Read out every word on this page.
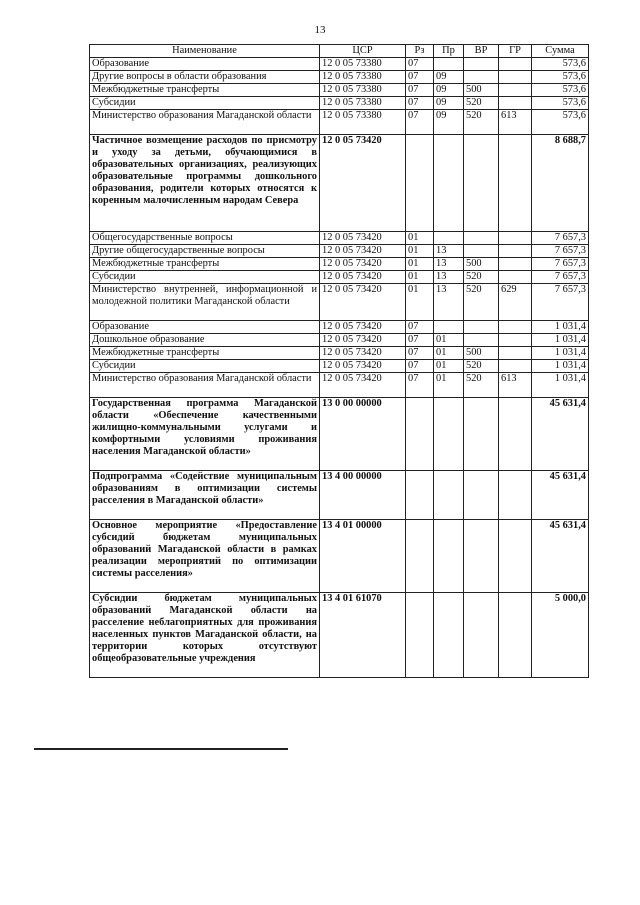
13
Наименование	ЦСР	Рз	Пр	ВР	ГР	Сумма
Образование	12 0 05 73380	07				573,6
Другие вопросы в области образования	12 0 05 73380	07	09			573,6
Межбюджетные трансферты	12 0 05 73380	07	09	500		573,6
Субсидии	12 0 05 73380	07	09	520		573,6
Министерство образования Магаданской области	12 0 05 73380	07	09	520	613	573,6
Частичное возмещение расходов по присмотру и уходу за детьми, обучающимися в образовательных организациях, реализующих образовательные программы дошкольного образования, родители которых относятся к коренным малочисленным народам Севера	12 0 05 73420					8 688,7
Общегосударственные вопросы	12 0 05 73420	01				7 657,3
Другие общегосударственные вопросы	12 0 05 73420	01	13			7 657,3
Межбюджетные трансферты	12 0 05 73420	01	13	500		7 657,3
Субсидии	12 0 05 73420	01	13	520		7 657,3
Министерство внутренней, информационной и молодежной политики Магаданской области	12 0 05 73420	01	13	520	629	7 657,3
Образование	12 0 05 73420	07				1 031,4
Дошкольное образование	12 0 05 73420	07	01			1 031,4
Межбюджетные трансферты	12 0 05 73420	07	01	500		1 031,4
Субсидии	12 0 05 73420	07	01	520		1 031,4
Министерство образования Магаданской области	12 0 05 73420	07	01	520	613	1 031,4
Государственная программа Магаданской области «Обеспечение качественными жилищно-коммунальными услугами и комфортными условиями проживания населения Магаданской области»	13 0 00 00000					45 631,4
Подпрограмма «Содействие муниципальным образованиям в оптимизации системы расселения в Магаданской области»	13 4 00 00000					45 631,4
Основное мероприятие «Предоставление субсидий бюджетам муниципальных образований Магаданской области в рамках реализации мероприятий по оптимизации системы расселения»	13 4 01 00000					45 631,4
Субсидии бюджетам муниципальных образований Магаданской области на расселение неблагоприятных для проживания населенных пунктов Магаданской области, на территории которых отсутствуют общеобразовательные учреждения	13 4 01 61070					5 000,0
